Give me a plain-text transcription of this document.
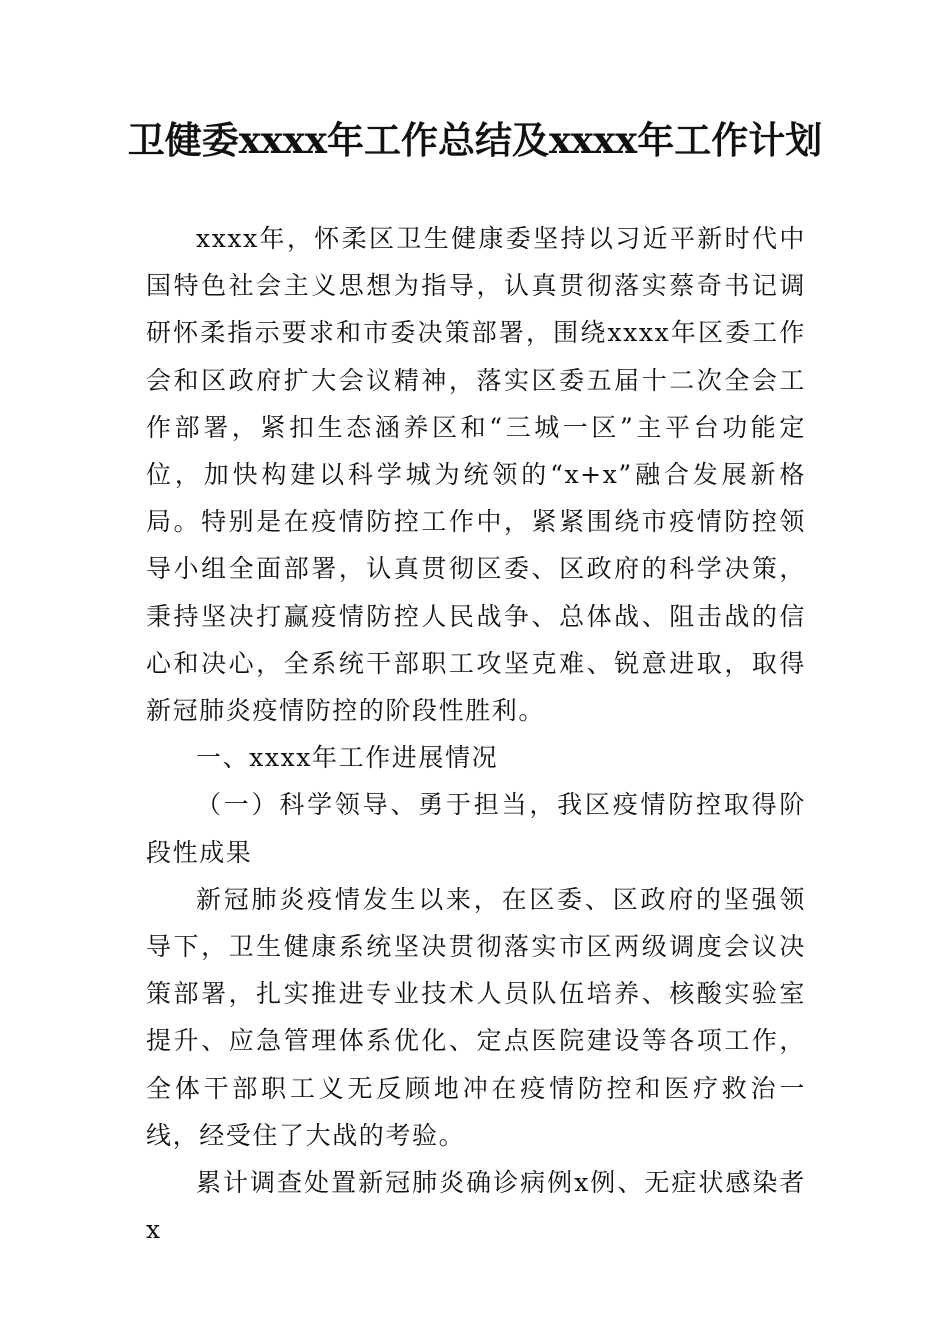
卫健委xxxx年工作总结及xxxx年工作计划

xxxx年，怀柔区卫生健康委坚持以习近平新时代中国特色社会主义思想为指导，认真贯彻落实蔡奇书记调研怀柔指示要求和市委决策部署，围绕xxxx年区委工作会和区政府扩大会议精神，落实区委五届十二次全会工作部署，紧扣生态涵养区和“三城一区”主平台功能定位，加快构建以科学城为统领的“x+x”融合发展新格局。特别是在疫情防控工作中，紧紧围绕市疫情防控领导小组全面部署，认真贯彻区委、区政府的科学决策，秉持坚决打赢疫情防控人民战争、总体战、阻击战的信心和决心，全系统干部职工攻坚克难、锐意进取，取得新冠肺炎疫情防控的阶段性胜利。

一、xxxx年工作进展情况

（一）科学领导、勇于担当，我区疫情防控取得阶段性成果

新冠肺炎疫情发生以来，在区委、区政府的坚强领导下，卫生健康系统坚决贯彻落实市区两级调度会议决策部署，扎实推进专业技术人员队伍培养、核酸实验室提升、应急管理体系优化、定点医院建设等各项工作，全体干部职工义无反顾地冲在疫情防控和医疗救治一线，经受住了大战的考验。

累计调查处置新冠肺炎确诊病例x例、无症状感染者x
